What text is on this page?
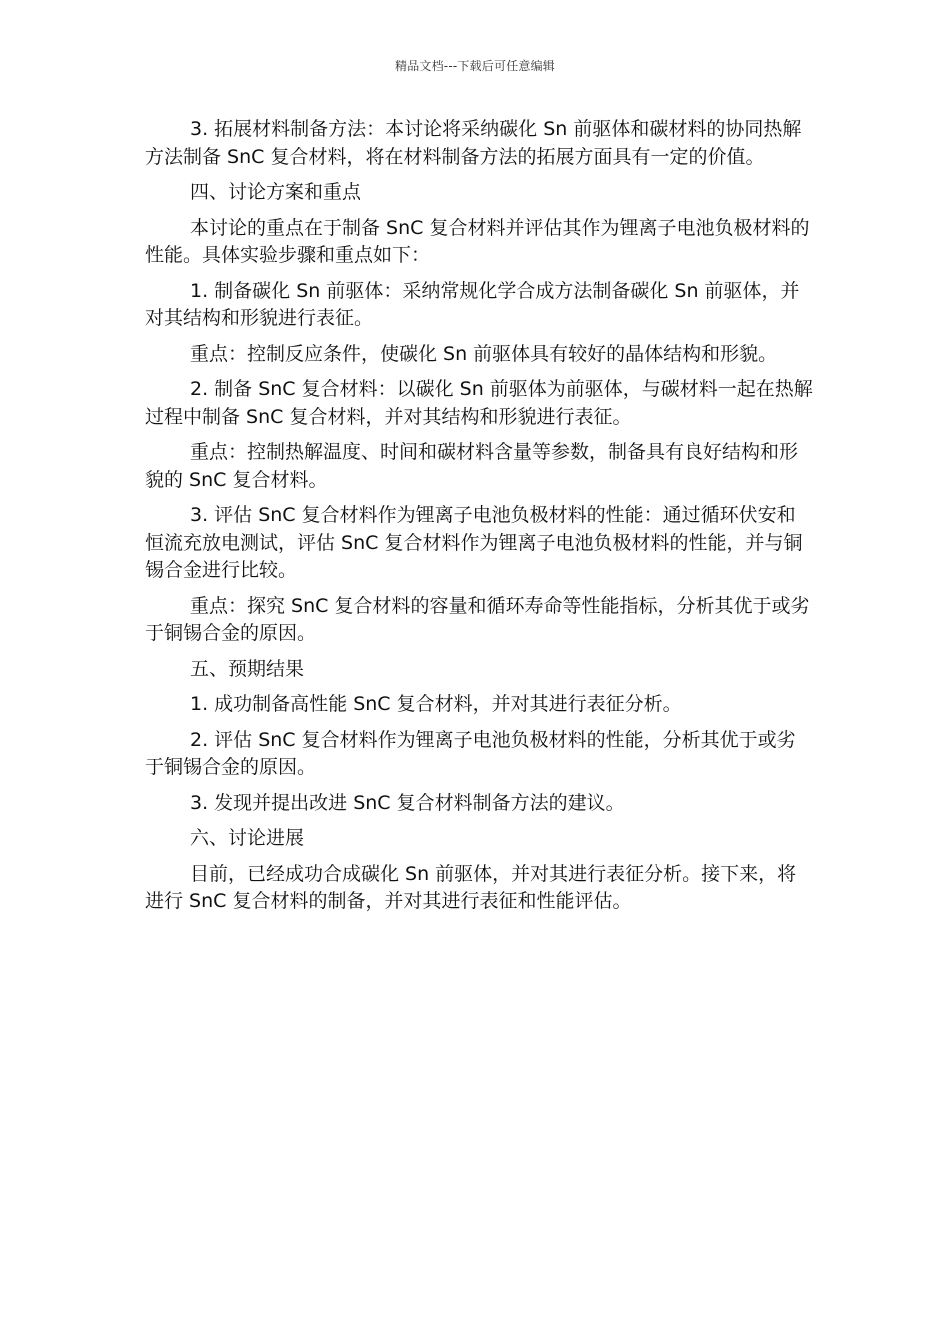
精品文档---下载后可任意编辑

3. 拓展材料制备方法：本讨论将采纳碳化 Sn 前驱体和碳材料的协同热解方法制备 SnC 复合材料，将在材料制备方法的拓展方面具有一定的价值。

四、讨论方案和重点

本讨论的重点在于制备 SnC 复合材料并评估其作为锂离子电池负极材料的性能。具体实验步骤和重点如下：

1. 制备碳化 Sn 前驱体：采纳常规化学合成方法制备碳化 Sn 前驱体，并对其结构和形貌进行表征。

重点：控制反应条件，使碳化 Sn 前驱体具有较好的晶体结构和形貌。

2. 制备 SnC 复合材料：以碳化 Sn 前驱体为前驱体，与碳材料一起在热解过程中制备 SnC 复合材料，并对其结构和形貌进行表征。

重点：控制热解温度、时间和碳材料含量等参数，制备具有良好结构和形貌的 SnC 复合材料。

3. 评估 SnC 复合材料作为锂离子电池负极材料的性能：通过循环伏安和恒流充放电测试，评估 SnC 复合材料作为锂离子电池负极材料的性能，并与铜锡合金进行比较。

重点：探究 SnC 复合材料的容量和循环寿命等性能指标，分析其优于或劣于铜锡合金的原因。

五、预期结果

1. 成功制备高性能 SnC 复合材料，并对其进行表征分析。

2. 评估 SnC 复合材料作为锂离子电池负极材料的性能，分析其优于或劣于铜锡合金的原因。

3. 发现并提出改进 SnC 复合材料制备方法的建议。

六、讨论进展

目前，已经成功合成碳化 Sn 前驱体，并对其进行表征分析。接下来，将进行 SnC 复合材料的制备，并对其进行表征和性能评估。
